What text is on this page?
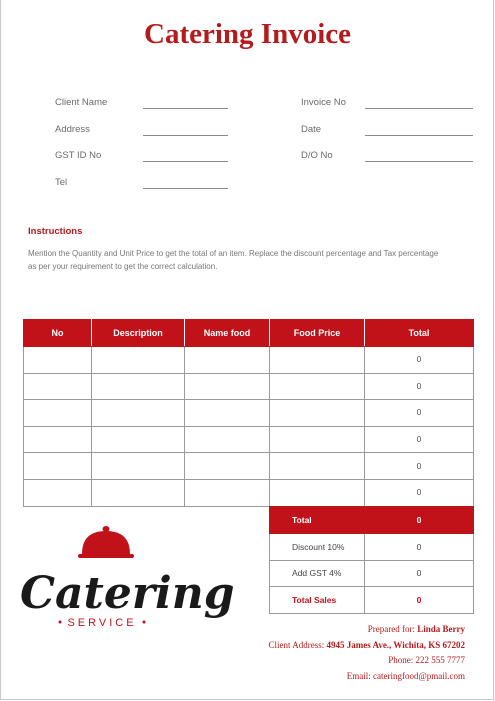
Catering Invoice
Client Name
Address
GST ID No
Tel
Invoice No
Date
D/O No
Instructions
Mention the Quantity and Unit Price to get the total of an item. Replace the discount percentage and Tax percentage as per your requirement to get the correct calculation.
No	Description	Name food	Food Price	Total
				0
				0
				0
				0
				0
				0
Total	0
Discount 10%	0
Add GST 4%	0
Total Sales	0
Catering
SERVICE	Prepared for: Linda Berry
Client Address: 4945 James Ave., Wichita, KS 67202
Phone: 222 555 7777
Email: cateringfood@pmail.com
